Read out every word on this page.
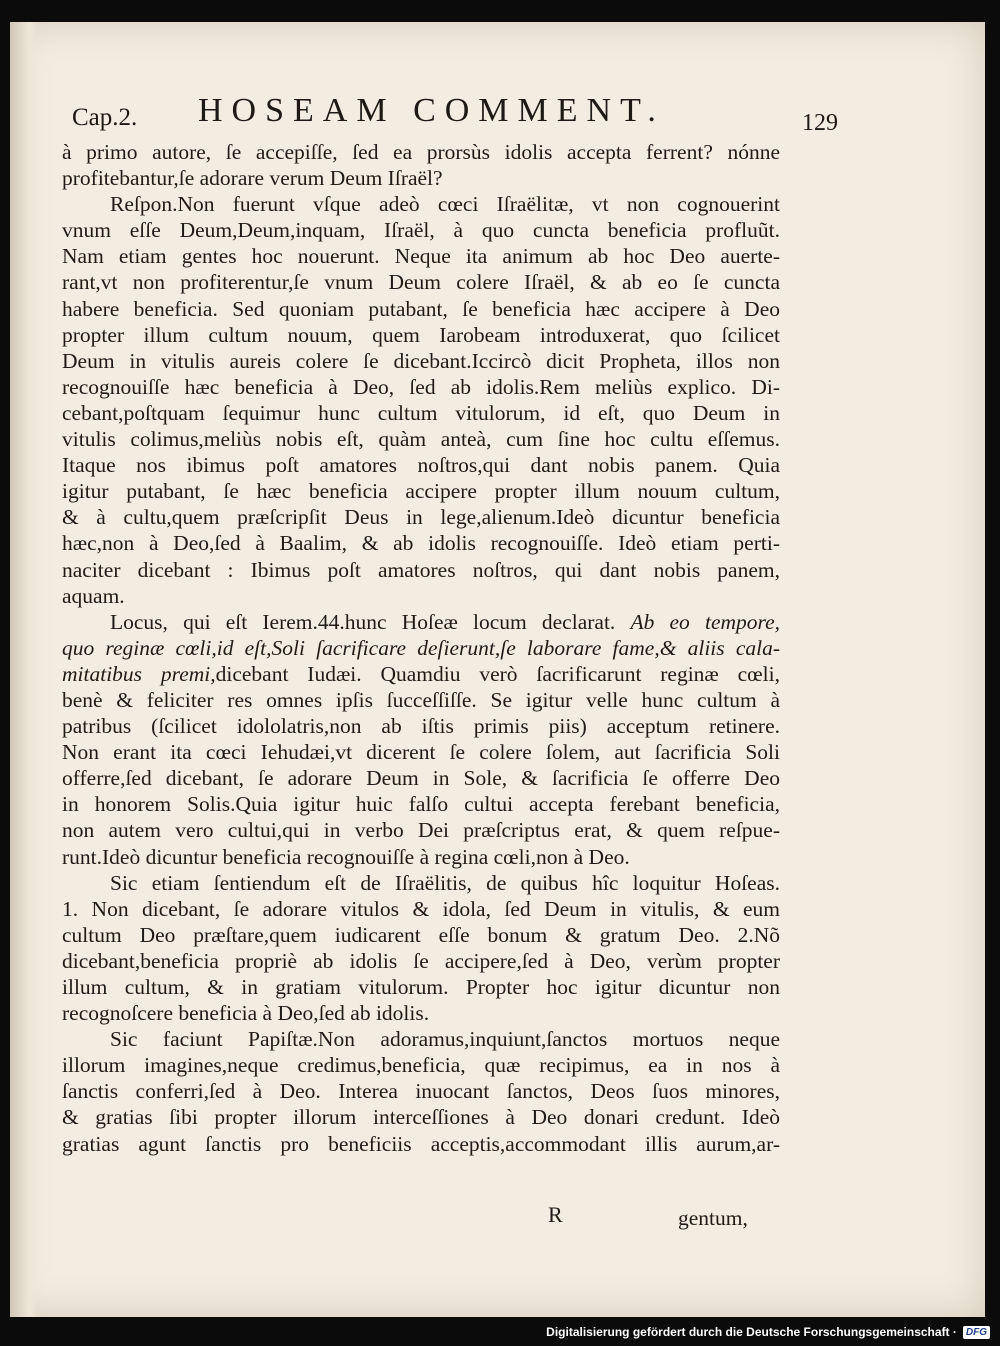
Cap.2. HOSEAM COMMENT.	129
à primo autore, ſe accepiſſe, ſed ea prorsùs idolis accepta ferrent? nónne
profitebantur,ſe adorare verum Deum Iſraël?
Reſpon.Non fuerunt vſque adeò cœci Iſraëlitæ, vt non cognouerint
vnum eſſe Deum,Deum,inquam, Iſraël, à quo cuncta beneficia profluũt.
Nam etiam gentes hoc nouerunt. Neque ita animum ab hoc Deo auerte-
rant,vt non profiterentur,ſe vnum Deum colere Iſraël, & ab eo ſe cuncta
habere beneficia. Sed quoniam putabant, ſe beneficia hæc accipere à Deo
propter illum cultum nouum, quem Iarobeam introduxerat, quo ſcilicet
Deum in vitulis aureis colere ſe dicebant.Iccircò dicit Propheta, illos non
recognouiſſe hæc beneficia à Deo, ſed ab idolis.Rem meliùs explico. Di-
cebant,poſtquam ſequimur hunc cultum vitulorum, id eſt, quo Deum in
vitulis colimus,meliùs nobis eſt, quàm anteà, cum ſine hoc cultu eſſemus.
Itaque nos ibimus poſt amatores noſtros,qui dant nobis panem. Quia
igitur putabant, ſe hæc beneficia accipere propter illum nouum cultum,
& à cultu,quem præſcripſit Deus in lege,alienum.Ideò dicuntur beneficia
hæc,non à Deo,ſed à Baalim, & ab idolis recognouiſſe. Ideò etiam perti-
naciter dicebant : Ibimus poſt amatores noſtros, qui dant nobis panem,
aquam.
Locus, qui eſt Ierem.44.hunc Hoſeæ locum declarat. Ab eo tempore,
quo reginæ cœli,id eſt,Soli ſacrificare deſierunt,ſe laborare fame,& aliis cala-
mitatibus premi,dicebant Iudæi. Quamdiu verò ſacrificarunt reginæ cœli,
benè & feliciter res omnes ipſis ſucceſſiſſe. Se igitur velle hunc cultum à
patribus (ſcilicet idololatris,non ab iſtis primis piis) acceptum retinere.
Non erant ita cœci Iehudæi,vt dicerent ſe colere ſolem, aut ſacrificia Soli
offerre,ſed dicebant, ſe adorare Deum in Sole, & ſacrificia ſe offerre Deo
in honorem Solis.Quia igitur huic falſo cultui accepta ferebant beneficia,
non autem vero cultui,qui in verbo Dei præſcriptus erat, & quem reſpue-
runt.Ideò dicuntur beneficia recognouiſſe à regina cœli,non à Deo.
Sic etiam ſentiendum eſt de Iſraëlitis, de quibus hîc loquitur Hoſeas.
1. Non dicebant, ſe adorare vitulos & idola, ſed Deum in vitulis, & eum
cultum Deo præſtare,quem iudicarent eſſe bonum & gratum Deo. 2.Nõ
dicebant,beneficia propriè ab idolis ſe accipere,ſed à Deo, verùm propter
illum cultum, & in gratiam vitulorum. Propter hoc igitur dicuntur non
recognoſcere beneficia à Deo,ſed ab idolis.
Sic faciunt Papiſtæ.Non adoramus,inquiunt,ſanctos mortuos neque
illorum imagines,neque credimus,beneficia, quæ recipimus, ea in nos à
ſanctis conferri,ſed à Deo. Interea inuocant ſanctos, Deos ſuos minores,
& gratias ſibi propter illorum interceſſiones à Deo donari credunt. Ideò
gratias agunt ſanctis pro beneficiis acceptis,accommodant illis aurum,ar-
R	gentum,
Digitalisierung gefördert durch die Deutsche Forschungsgemeinschaft · DFG
